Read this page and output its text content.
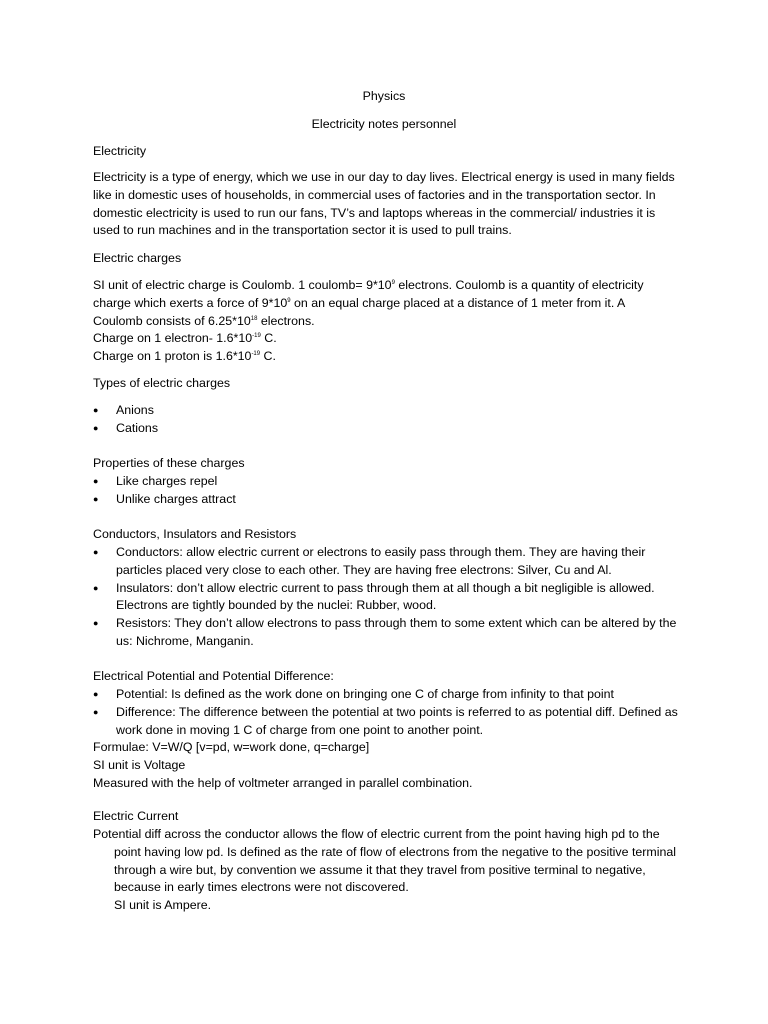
Physics

Electricity notes personnel

Electricity

Electricity is a type of energy, which we use in our day to day lives. Electrical energy is used in many fields like in domestic uses of households, in commercial uses of factories and in the transportation sector. In domestic electricity is used to run our fans, TV’s and laptops whereas in the commercial/ industries it is used to run machines and in the transportation sector it is used to pull trains.

Electric charges

SI unit of electric charge is Coulomb. 1 coulomb= $9*10^9$ electrons. Coulomb is a quantity of electricity

charge which exerts a force of $9*10^9$ on an equal charge placed at a distance of 1 meter from it. A

Coulomb consists of $6.25*10^{18}$ electrons.

Charge on 1 electron- $1.6*10^{-19}$ C.

Charge on 1 proton is $1.6*10^{-19}$ C.

Types of electric charges

● Anions
● Cations

Properties of these charges

● Like charges repel
● Unlike charges attract

Conductors, Insulators and Resistors

● Conductors: allow electric current or electrons to easily pass through them. They are having their particles placed very close to each other. They are having free electrons: Silver, Cu and Al.
● Insulators: don’t allow electric current to pass through them at all though a bit negligible is allowed. Electrons are tightly bounded by the nuclei: Rubber, wood.
● Resistors: They don’t allow electrons to pass through them to some extent which can be altered by the us: Nichrome, Manganin.

Electrical Potential and Potential Difference:

● Potential: Is defined as the work done on bringing one C of charge from infinity to that point
● Difference: The difference between the potential at two points is referred to as potential diff. Defined as work done in moving 1 C of charge from one point to another point.

Formulae: V=W/Q [v=pd, w=work done, q=charge]

SI unit is Voltage

Measured with the help of voltmeter arranged in parallel combination.

Electric Current

Potential diff across the conductor allows the flow of electric current from the point having high pd to the point having low pd. Is defined as the rate of flow of electrons from the negative to the positive terminal through a wire but, by convention we assume it that they travel from positive terminal to negative, because in early times electrons were not discovered.

SI unit is Ampere.
